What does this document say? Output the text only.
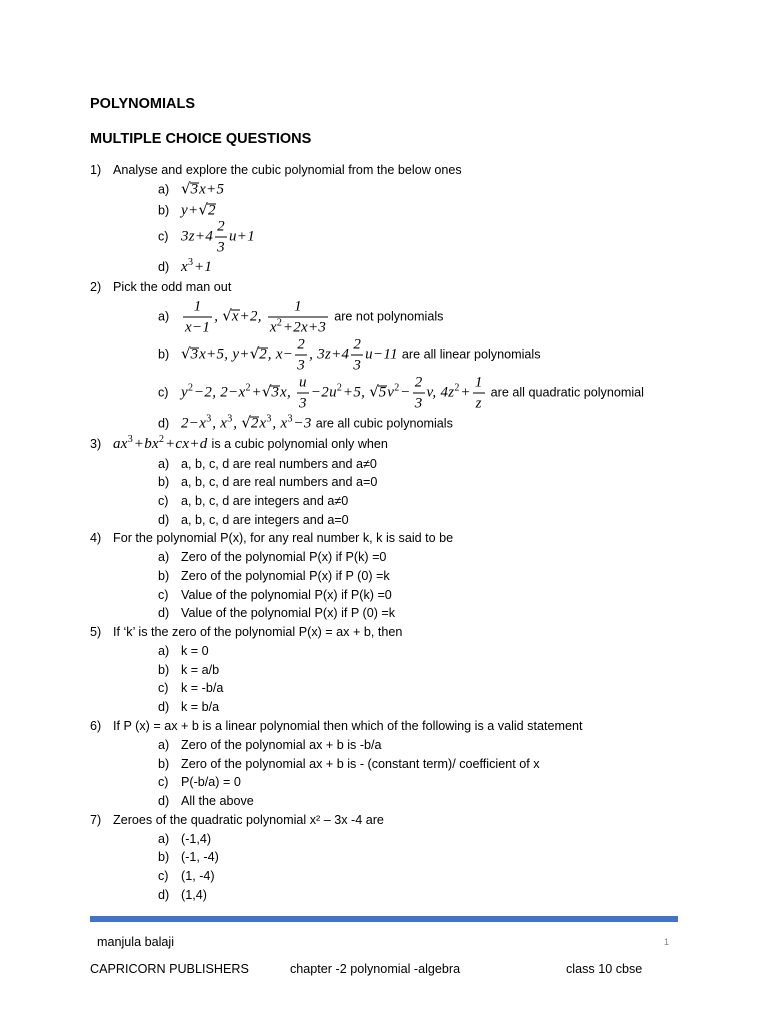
POLYNOMIALS
MULTIPLE CHOICE QUESTIONS
1) Analyse and explore the cubic polynomial from the below ones
a) √3x+5
b) y+√2
c) $3z+4 \frac{2}{3} u+1$
d) $x^3+1$
2) Pick the odd man out
$a) \frac{1}{x-1}$ , √x+2, $\frac{1}{x^2+2x+3}$ are not polynomials
b) √3x+5, y+√2, $x- \frac{2}{3}$ , $3z+4 \frac{2}{3} u-11$ are all linear polynomials
c) $y^2-2$, $2-x^2+√3x$, $\frac{u}{3} -2u^2+5$, $√5v^2- \frac{2}{3} v$, $4z^2+ \frac{1}{z}$ are all quadratic polynomial
d) $2-x^3$, $x^3$, $√2x^3$, $x^3-3$ are all cubic polynomials
3) $ax^3+bx^2+cx+d$ is a cubic polynomial only when
a) a, b, c, d are real numbers and a≠0
b) a, b, c, d are real numbers and a=0
c) a, b, c, d are integers and a≠0
d) a, b, c, d are integers and a=0
4) For the polynomial P(x), for any real number k, k is said to be
a) Zero of the polynomial P(x) if P(k) =0
b) Zero of the polynomial P(x) if P (0) =k
c) Value of the polynomial P(x) if P(k) =0
d) Value of the polynomial P(x) if P (0) =k
5) If ‘k’ is the zero of the polynomial P(x) = ax + b, then
a) k = 0
b) k = a/b
c) k = -b/a
d) k = b/a
6) If P (x) = ax + b is a linear polynomial then which of the following is a valid statement
a) Zero of the polynomial ax + b is -b/a
b) Zero of the polynomial ax + b is - (constant term)/ coefficient of x
c) P(-b/a) = 0
d) All the above
7) Zeroes of the quadratic polynomial x² – 3x -4 are
a) (-1,4)
b) (-1, -4)
c) (1, -4)
d) (1,4)
manjula balaji	1
CAPRICORN PUBLISHERS	chapter -2 polynomial -algebra	class 10 cbse
